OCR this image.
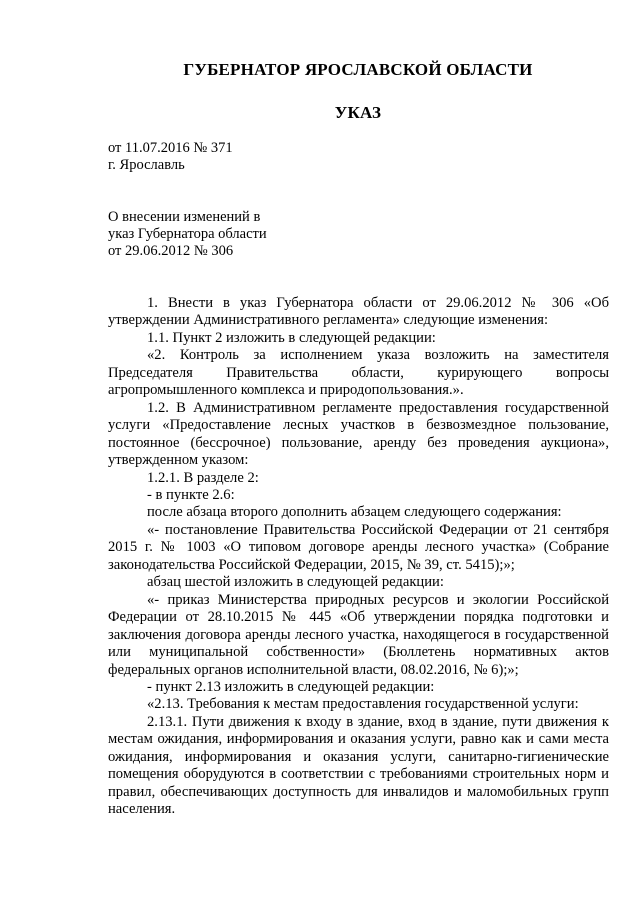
ГУБЕРНАТОР ЯРОСЛАВСКОЙ ОБЛАСТИ
УКАЗ
от 11.07.2016 № 371
г. Ярославль
О внесении изменений в
указ Губернатора области
от 29.06.2012 № 306

1. Внести в указ Губернатора области от 29.06.2012 № 306 «Об утверждении Административного регламента» следующие изменения:

1.1. Пункт 2 изложить в следующей редакции:

«2. Контроль за исполнением указа возложить на заместителя Председателя Правительства области, курирующего вопросы агропромышленного комплекса и природопользования.».

1.2. В Административном регламенте предоставления государственной услуги «Предоставление лесных участков в безвозмездное пользование, постоянное (бессрочное) пользование, аренду без проведения аукциона», утвержденном указом:

1.2.1. В разделе 2:

- в пункте 2.6:

после абзаца второго дополнить абзацем следующего содержания:

«- постановление Правительства Российской Федерации от 21 сентября 2015 г. № 1003 «О типовом договоре аренды лесного участка» (Собрание законодательства Российской Федерации, 2015, № 39, ст. 5415);»;

абзац шестой изложить в следующей редакции:

«- приказ Министерства природных ресурсов и экологии Российской Федерации от 28.10.2015 № 445 «Об утверждении порядка подготовки и заключения договора аренды лесного участка, находящегося в государственной или муниципальной собственности» (Бюллетень нормативных актов федеральных органов исполнительной власти, 08.02.2016, № 6);»;

- пункт 2.13 изложить в следующей редакции:

«2.13. Требования к местам предоставления государственной услуги:

2.13.1. Пути движения к входу в здание, вход в здание, пути движения к местам ожидания, информирования и оказания услуги, равно как и сами места ожидания, информирования и оказания услуги, санитарно-гигиенические помещения оборудуются в соответствии с требованиями строительных норм и правил, обеспечивающих доступность для инвалидов и маломобильных групп населения.
